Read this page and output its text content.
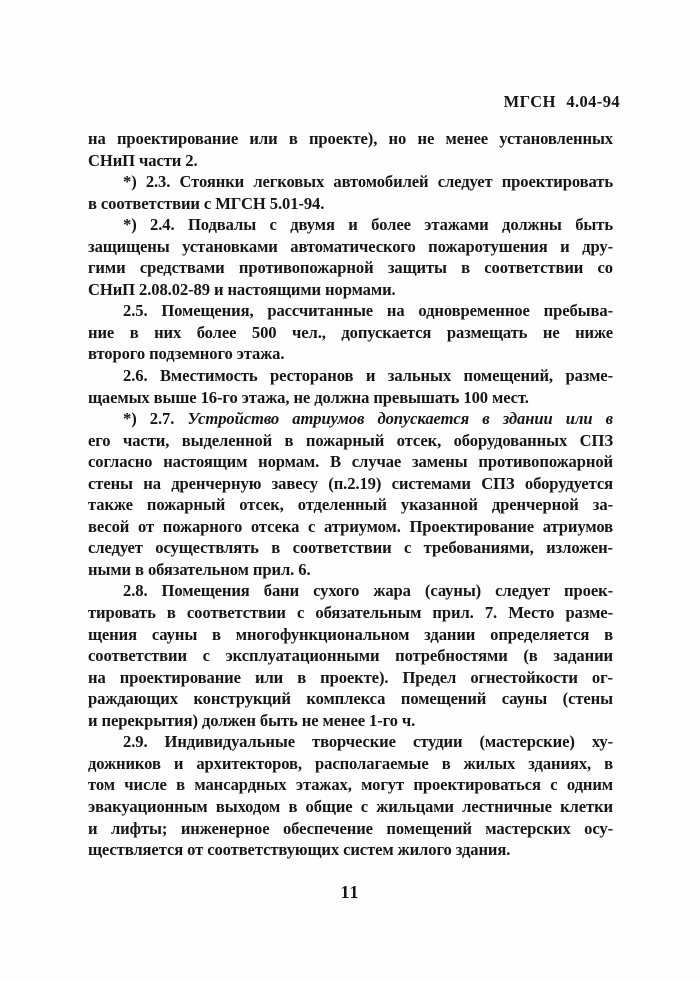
МГСН 4.04-94
на проектирование или в проекте), но не менее установленных
СНиП части 2.
*) 2.3. Стоянки легковых автомобилей следует проектировать
в соответствии с МГСН 5.01-94.
*) 2.4. Подвалы с двумя и более этажами должны быть
защищены установками автоматического пожаротушения и дру-
гими средствами противопожарной защиты в соответствии со
СНиП 2.08.02-89 и настоящими нормами.
2.5. Помещения, рассчитанные на одновременное пребыва-
ние в них более 500 чел., допускается размещать не ниже
второго подземного этажа.
2.6. Вместимость ресторанов и зальных помещений, разме-
щаемых выше 16-го этажа, не должна превышать 100 мест.
*) 2.7. Устройство атриумов допускается в здании или в
его части, выделенной в пожарный отсек, оборудованных СПЗ
согласно настоящим нормам. В случае замены противопожарной
стены на дренчерную завесу (п.2.19) системами СПЗ оборудуется
также пожарный отсек, отделенный указанной дренчерной за-
весой от пожарного отсека с атриумом. Проектирование атриумов
следует осуществлять в соответствии с требованиями, изложен-
ными в обязательном прил. 6.
2.8. Помещения бани сухого жара (сауны) следует проек-
тировать в соответствии с обязательным прил. 7. Место разме-
щения сауны в многофункциональном здании определяется в
соответствии с эксплуатационными потребностями (в задании
на проектирование или в проекте). Предел огнестойкости ог-
раждающих конструкций комплекса помещений сауны (стены
и перекрытия) должен быть не менее 1-го ч.
2.9. Индивидуальные творческие студии (мастерские) ху-
дожников и архитекторов, располагаемые в жилых зданиях, в
том числе в мансардных этажах, могут проектироваться с одним
эвакуационным выходом в общие с жильцами лестничные клетки
и лифты; инженерное обеспечение помещений мастерских осу-
ществляется от соответствующих систем жилого здания.
11
